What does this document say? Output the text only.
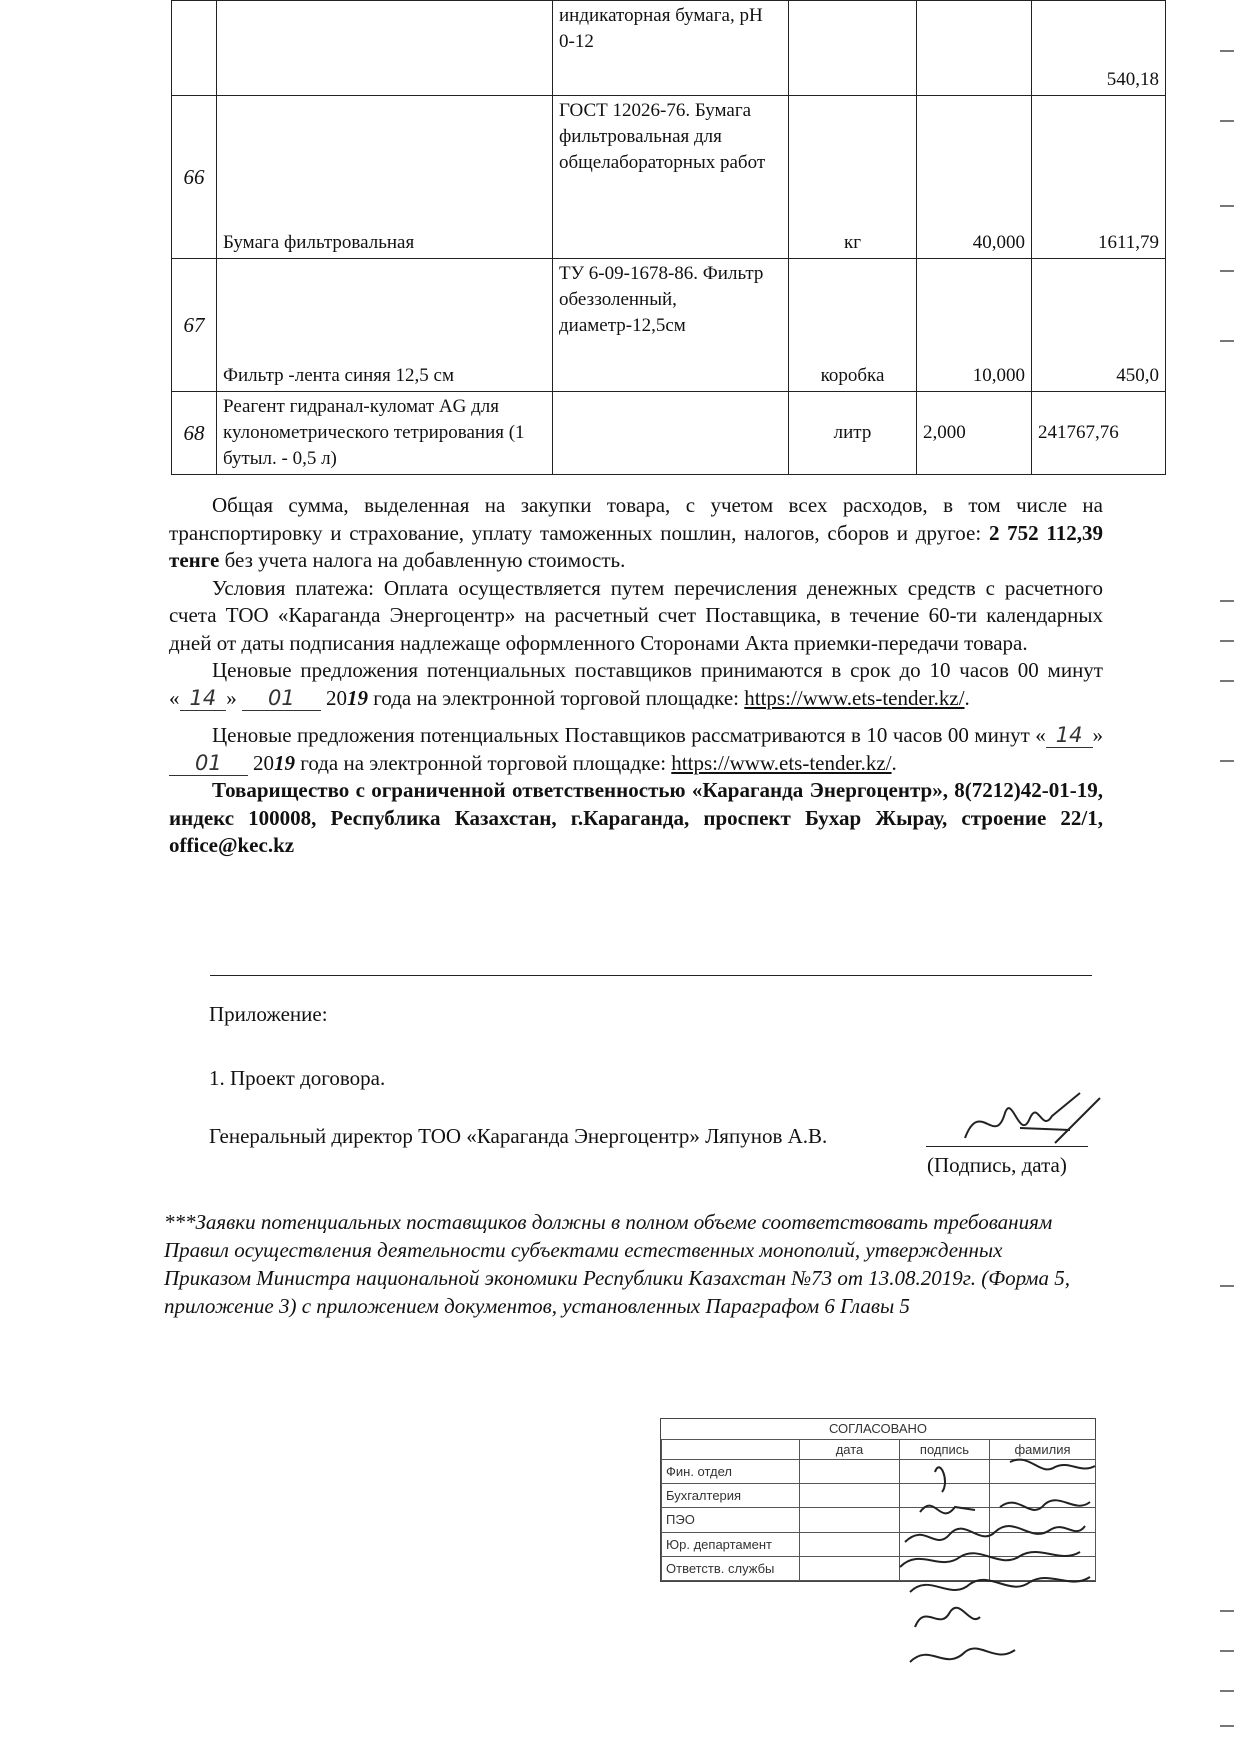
		индикаторная бумага, pH 0-12			540,18
66	Бумага фильтровальная	ГОСТ 12026-76. Бумага фильтровальная для общелабораторных работ	кг	40,000	1611,79
67	Фильтр -лента синяя 12,5 см	ТУ 6-09-1678-86. Фильтр обеззоленный, диаметр-12,5см	коробка	10,000	450,0
68	Реагент гидранал-куломат AG для кулонометрического тетрирования (1 бутыл. - 0,5 л)		литр	2,000	241767,76

Общая сумма, выделенная на закупки товара, с учетом всех расходов, в том числе на транспортировку и страхование, уплату таможенных пошлин, налогов, сборов и другое: 2 752 112,39 тенге без учета налога на добавленную стоимость.

Условия платежа: Оплата осуществляется путем перечисления денежных средств с расчетного счета ТОО «Караганда Энергоцентр» на расчетный счет Поставщика, в течение 60-ти календарных дней от даты подписания надлежаще оформленного Сторонами Акта приемки-передачи товара.

Ценовые предложения потенциальных поставщиков принимаются в срок до 10 часов 00 минут « 14 » 01 2019 года на электронной торговой площадке: https://www.ets-tender.kz/.

Ценовые предложения потенциальных Поставщиков рассматриваются в 10 часов 00 минут « 14 » 01 2019 года на электронной торговой площадке: https://www.ets-tender.kz/.

Товарищество с ограниченной ответственностью «Караганда Энергоцентр», 8(7212)42-01-19, индекс 100008, Республика Казахстан, г.Караганда, проспект Бухар Жырау, строение 22/1, office@kec.kz

Приложение:
1. Проект договора.
Генеральный директор ТОО «Караганда Энергоцентр» Ляпунов А.В.
(Подпись, дата)
***Заявки потенциальных поставщиков должны в полном объеме соответствовать требованиям Правил осуществления деятельности субъектами естественных монополий, утвержденных Приказом Министра национальной экономики Республики Казахстан №73 от 13.08.2019г. (Форма 5, приложение 3) с приложением документов, установленных Параграфом 6 Главы 5
СОГЛАСОВАНО
	дата	подпись	фамилия
Фин. отдел			
Бухгалтерия			
ПЭО			
Юр. департамент			
Ответств. службы			
